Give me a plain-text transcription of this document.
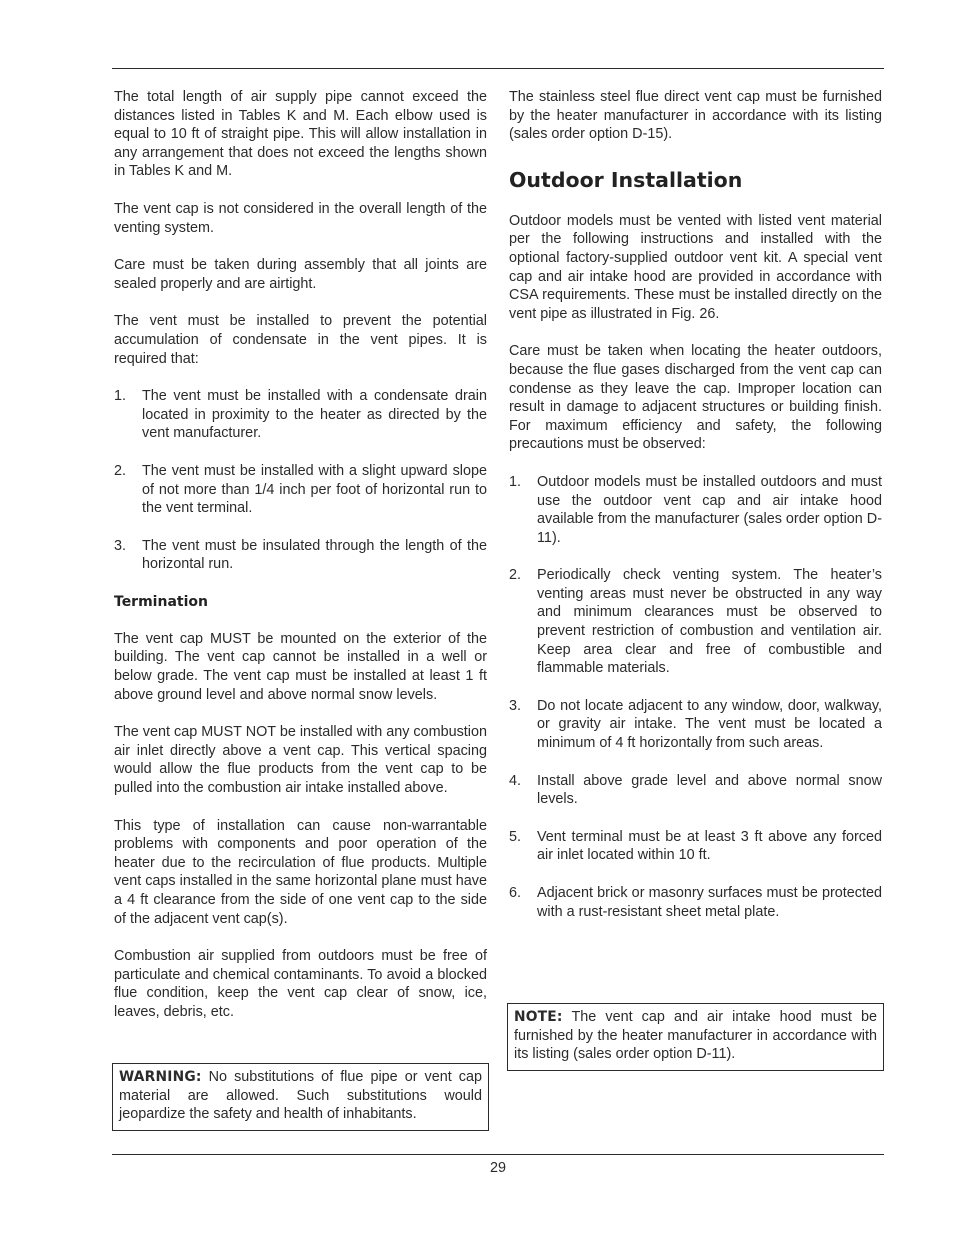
The total length of air supply pipe cannot exceed the distances listed in Tables K and M. Each elbow used is equal to 10 ft of straight pipe. This will allow installation in any arrangement that does not exceed the lengths shown in Tables K and M.

The vent cap is not considered in the overall length of the venting system.

Care must be taken during assembly that all joints are sealed properly and are airtight.

The vent must be installed to prevent the potential accumulation of condensate in the vent pipes. It is required that:

1. The vent must be installed with a condensate drain located in proximity to the heater as directed by the vent manufacturer.
2. The vent must be installed with a slight upward slope of not more than 1/4 inch per foot of horizontal run to the vent terminal.
3. The vent must be insulated through the length of the horizontal run.
Termination

The vent cap MUST be mounted on the exterior of the building. The vent cap cannot be installed in a well or below grade. The vent cap must be installed at least 1 ft above ground level and above normal snow levels.

The vent cap MUST NOT be installed with any combustion air inlet directly above a vent cap. This vertical spacing would allow the flue products from the vent cap to be pulled into the combustion air intake installed above.

This type of installation can cause non-warrantable problems with components and poor operation of the heater due to the recirculation of flue products. Multiple vent caps installed in the same horizontal plane must have a 4 ft clearance from the side of one vent cap to the side of the adjacent vent cap(s).

Combustion air supplied from outdoors must be free of particulate and chemical contaminants. To avoid a blocked flue condition, keep the vent cap clear of snow, ice, leaves, debris, etc.

WARNING: No substitutions of flue pipe or vent cap material are allowed. Such substitutions would jeopardize the safety and health of inhabitants.

The stainless steel flue direct vent cap must be furnished by the heater manufacturer in accordance with its listing (sales order option D-15).

Outdoor Installation

Outdoor models must be vented with listed vent material per the following instructions and installed with the optional factory-supplied outdoor vent kit. A special vent cap and air intake hood are provided in accordance with CSA requirements. These must be installed directly on the vent pipe as illustrated in Fig. 26.

Care must be taken when locating the heater outdoors, because the flue gases discharged from the vent cap can condense as they leave the cap. Improper location can result in damage to adjacent structures or building finish. For maximum efficiency and safety, the following precautions must be observed:

1. Outdoor models must be installed outdoors and must use the outdoor vent cap and air intake hood available from the manufacturer (sales order option D-11).
2. Periodically check venting system. The heater’s venting areas must never be obstructed in any way and minimum clearances must be observed to prevent restriction of combustion and ventilation air. Keep area clear and free of combustible and flammable materials.
3. Do not locate adjacent to any window, door, walkway, or gravity air intake. The vent must be located a minimum of 4 ft horizontally from such areas.
4. Install above grade level and above normal snow levels.
5. Vent terminal must be at least 3 ft above any forced air inlet located within 10 ft.
6. Adjacent brick or masonry surfaces must be protected with a rust-resistant sheet metal plate.
NOTE: The vent cap and air intake hood must be furnished by the heater manufacturer in accordance with its listing (sales order option D-11).
29
